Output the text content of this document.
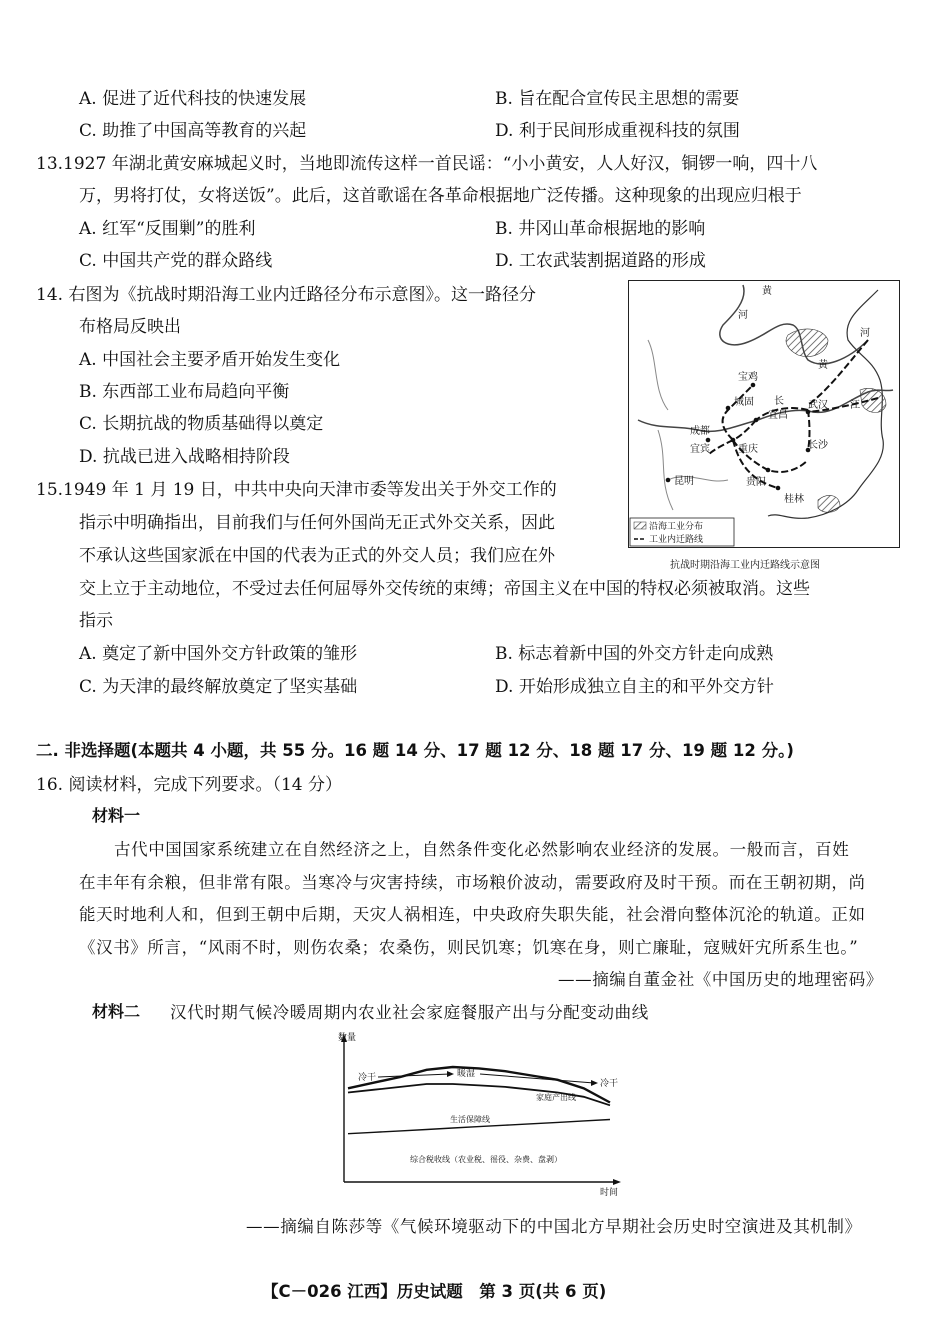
A. 促进了近代科技的快速发展	B. 旨在配合宣传民主思想的需要
C. 助推了中国高等教育的兴起	D. 利于民间形成重视科技的氛围
13.1927 年湖北黄安麻城起义时，当地即流传这样一首民谣：“小小黄安，人人好汉，铜锣一响，四十八
万，男将打仗，女将送饭”。此后，这首歌谣在各革命根据地广泛传播。这种现象的出现应归根于
A. 红军“反围剿”的胜利	B. 井冈山革命根据地的影响
C. 中国共产党的群众路线	D. 工农武装割据道路的形成
14. 右图为《抗战时期沿海工业内迁路径分布示意图》。这一路径分
布格局反映出
A. 中国社会主要矛盾开始发生变化
B. 东西部工业布局趋向平衡
C. 长期抗战的物质基础得以奠定
D. 抗战已进入战略相持阶段
黄
河
河
黄
宝鸡
城固
成都
宜宾	重庆
长
宜昌
武汉 江
长沙
贵阳
昆明
桂林
沿海工业分布
工业内迁路线
抗战时期沿海工业内迁路线示意图
15.1949 年 1 月 19 日，中共中央向天津市委等发出关于外交工作的
指示中明确指出，目前我们与任何外国尚无正式外交关系，因此
不承认这些国家派在中国的代表为正式的外交人员；我们应在外
交上立于主动地位，不受过去任何屈辱外交传统的束缚；帝国主义在中国的特权必须被取消。这些
指示
A. 奠定了新中国外交方针政策的雏形	B. 标志着新中国的外交方针走向成熟
C. 为天津的最终解放奠定了坚实基础	D. 开始形成独立自主的和平外交方针
二. 非选择题(本题共 4 小题，共 55 分。16 题 14 分、17 题 12 分、18 题 17 分、19 题 12 分。)
16. 阅读材料，完成下列要求。（14 分）
材料一
古代中国国家系统建立在自然经济之上，自然条件变化必然影响农业经济的发展。一般而言，百姓
在丰年有余粮，但非常有限。当寒冷与灾害持续，市场粮价波动，需要政府及时干预。而在王朝初期，尚
能天时地利人和，但到王朝中后期，天灾人祸相连，中央政府失职失能，社会滑向整体沉沦的轨道。正如
《汉书》所言，“风雨不时，则伤农桑；农桑伤，则民饥寒；饥寒在身，则亡廉耻，寇贼奸宄所系生也。”
——摘编自董金社《中国历史的地理密码》
材料二 汉代时期气候冷暖周期内农业社会家庭餐服产出与分配变动曲线
数量
时间
冷干	暖湿
冷干
家庭产出线
生活保障线
综合税收线（农业税、徭役、杂费、盘剥）
——摘编自陈莎等《气候环境驱动下的中国北方早期社会历史时空演进及其机制》
【C－026 江西】历史试题　第 3 页(共 6 页)
